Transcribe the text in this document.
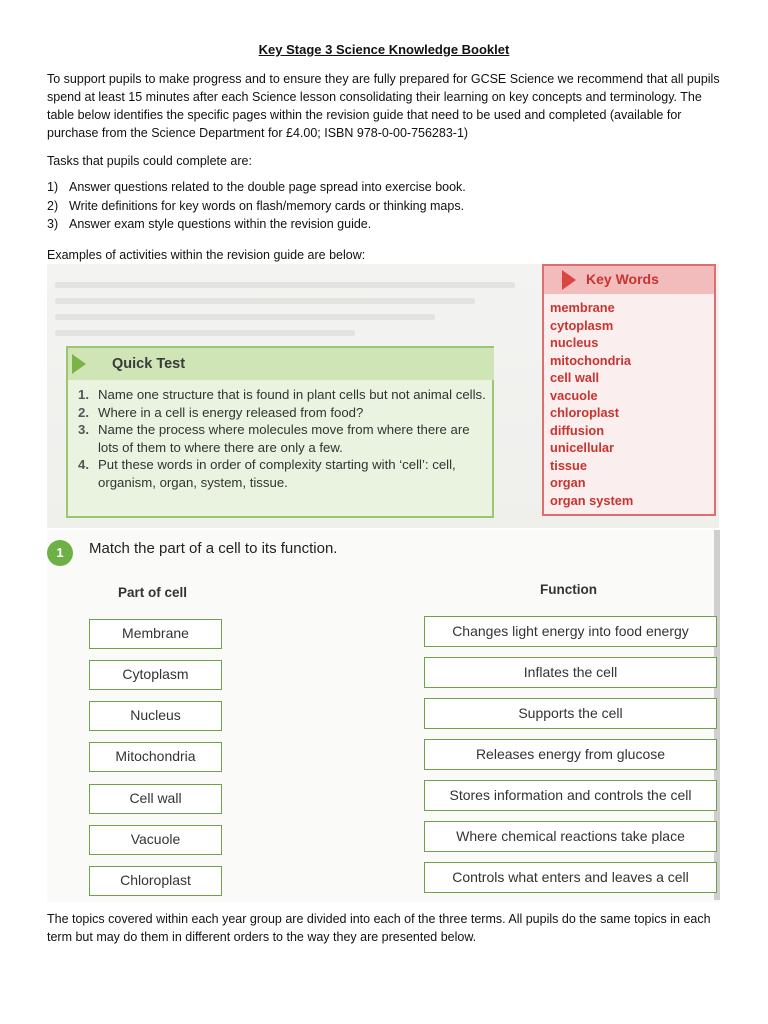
Key Stage 3 Science Knowledge Booklet
To support pupils to make progress and to ensure they are fully prepared for GCSE Science we recommend that all pupils spend at least 15 minutes after each Science lesson consolidating their learning on key concepts and terminology. The table below identifies the specific pages within the revision guide that need to be used and completed (available for purchase from the Science Department for £4.00; ISBN 978-0-00-756283-1)
Tasks that pupils could complete are:
1) Answer questions related to the double page spread into exercise book.
2) Write definitions for key words on flash/memory cards or thinking maps.
3) Answer exam style questions within the revision guide.
Examples of activities within the revision guide are below:
Quick Test
1. Name one structure that is found in plant cells but not animal cells.
2. Where in a cell is energy released from food?
3. Name the process where molecules move from where there are lots of them to where there are only a few.
4. Put these words in order of complexity starting with ‘cell’: cell, organism, organ, system, tissue.
Key Words
membrane
cytoplasm
nucleus
mitochondria
cell wall
vacuole
chloroplast
diffusion
unicellular
tissue
organ
organ system
1	Match the part of a cell to its function.
Part of cell	Function
Membrane
Cytoplasm
Nucleus
Mitochondria
Cell wall
Vacuole
Chloroplast
Changes light energy into food energy
Inflates the cell
Supports the cell
Releases energy from glucose
Stores information and controls the cell
Where chemical reactions take place
Controls what enters and leaves a cell
The topics covered within each year group are divided into each of the three terms. All pupils do the same topics in each term but may do them in different orders to the way they are presented below.
